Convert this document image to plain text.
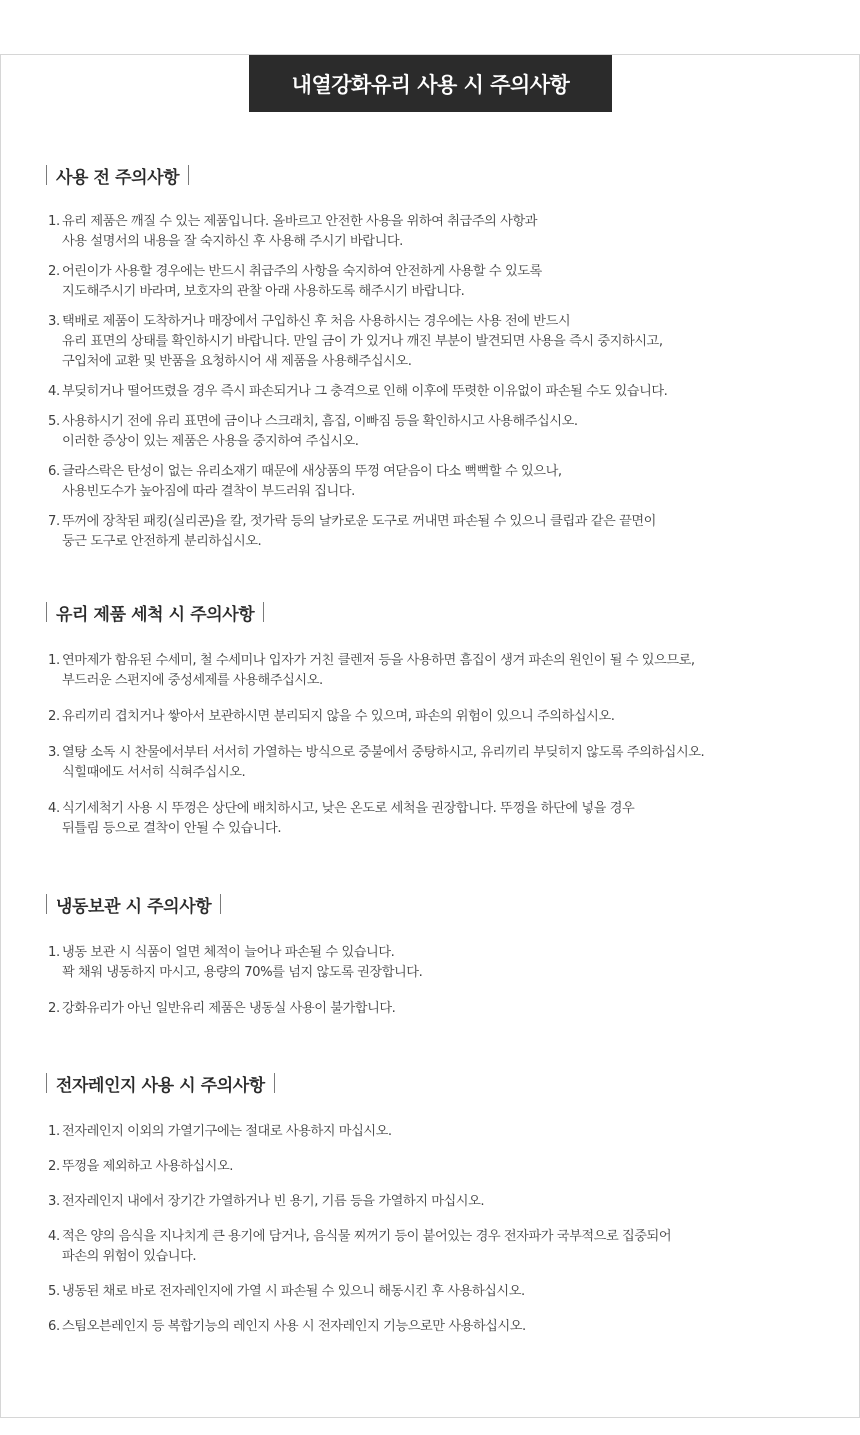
내열강화유리 사용 시 주의사항
사용 전 주의사항
1. 유리 제품은 깨질 수 있는 제품입니다. 올바르고 안전한 사용을 위하여 취급주의 사항과
사용 설명서의 내용을 잘 숙지하신 후 사용해 주시기 바랍니다.
2. 어린이가 사용할 경우에는 반드시 취급주의 사항을 숙지하여 안전하게 사용할 수 있도록
지도해주시기 바라며, 보호자의 관찰 아래 사용하도록 해주시기 바랍니다.
3. 택배로 제품이 도착하거나 매장에서 구입하신 후 처음 사용하시는 경우에는 사용 전에 반드시
유리 표면의 상태를 확인하시기 바랍니다. 만일 금이 가 있거나 깨진 부분이 발견되면 사용을 즉시 중지하시고,
구입처에 교환 및 반품을 요청하시어 새 제품을 사용해주십시오.
4. 부딪히거나 떨어뜨렸을 경우 즉시 파손되거나 그 충격으로 인해 이후에 뚜렷한 이유없이 파손될 수도 있습니다.
5. 사용하시기 전에 유리 표면에 금이나 스크래치, 흠집, 이빠짐 등을 확인하시고 사용해주십시오.
이러한 증상이 있는 제품은 사용을 중지하여 주십시오.
6. 글라스락은 탄성이 없는 유리소재기 때문에 새상품의 뚜껑 여닫음이 다소 뻑뻑할 수 있으나,
사용빈도수가 높아짐에 따라 결착이 부드러워 집니다.
7. 뚜꺼에 장착된 패킹(실리콘)을 칼, 젓가락 등의 날카로운 도구로 꺼내면 파손될 수 있으니 클립과 같은 끝면이
둥근 도구로 안전하게 분리하십시오.
유리 제품 세척 시 주의사항
1. 연마제가 함유된 수세미, 철 수세미나 입자가 거친 클렌저 등을 사용하면 흠집이 생겨 파손의 원인이 될 수 있으므로,
부드러운 스펀지에 중성세제를 사용해주십시오.
2. 유리끼리 겹치거나 쌓아서 보관하시면 분리되지 않을 수 있으며, 파손의 위험이 있으니 주의하십시오.
3. 열탕 소독 시 찬물에서부터 서서히 가열하는 방식으로 중불에서 중탕하시고, 유리끼리 부딪히지 않도록 주의하십시오.
식힐때에도 서서히 식혀주십시오.
4. 식기세척기 사용 시 뚜껑은 상단에 배치하시고, 낮은 온도로 세척을 권장합니다. 뚜껑을 하단에 넣을 경우
뒤틀림 등으로 결착이 안될 수 있습니다.
냉동보관 시 주의사항
1. 냉동 보관 시 식품이 얼면 체적이 늘어나 파손될 수 있습니다.
꽉 채워 냉동하지 마시고, 용량의 70%를 넘지 않도록 권장합니다.
2. 강화유리가 아닌 일반유리 제품은 냉동실 사용이 불가합니다.
전자레인지 사용 시 주의사항
1. 전자레인지 이외의 가열기구에는 절대로 사용하지 마십시오.
2. 뚜껑을 제외하고 사용하십시오.
3. 전자레인지 내에서 장기간 가열하거나 빈 용기, 기름 등을 가열하지 마십시오.
4. 적은 양의 음식을 지나치게 큰 용기에 담거나, 음식물 찌꺼기 등이 붙어있는 경우 전자파가 국부적으로 집중되어
파손의 위험이 있습니다.
5. 냉동된 채로 바로 전자레인지에 가열 시 파손될 수 있으니 해동시킨 후 사용하십시오.
6. 스팀오븐레인지 등 복합기능의 레인지 사용 시 전자레인지 기능으로만 사용하십시오.
